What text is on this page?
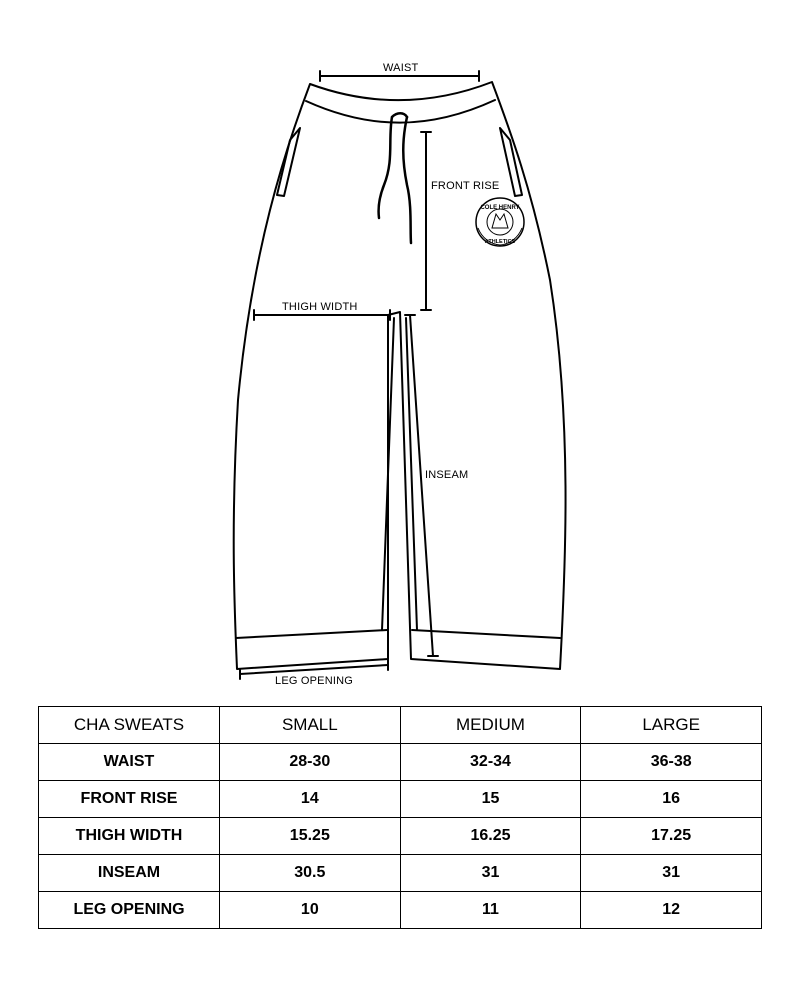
COLE HENRY
ATHLETICS
WAIST
FRONT RISE
THIGH WIDTH
INSEAM
LEG OPENING
CHA SWEATS	SMALL	MEDIUM	LARGE
WAIST	28-30	32-34	36-38
FRONT RISE	14	15	16
THIGH WIDTH	15.25	16.25	17.25
INSEAM	30.5	31	31
LEG OPENING	10	11	12
